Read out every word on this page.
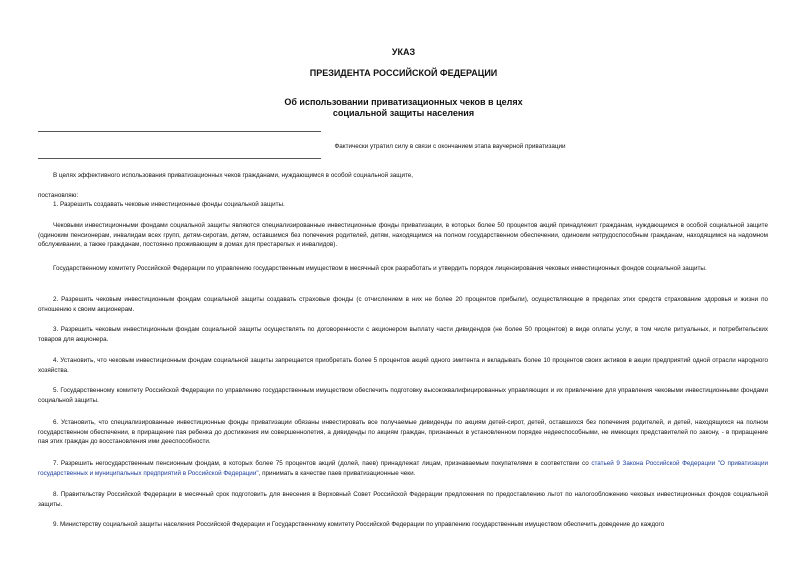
УКАЗ
ПРЕЗИДЕНТА РОССИЙСКОЙ ФЕДЕРАЦИИ
Об использовании приватизационных чеков в целях
социальной защиты населения
Фактически утратил силу в связи с окончанием этапа ваучерной приватизации
В целях эффективного использования приватизационных чеков гражданами, нуждающимся в особой социальной защите,
постановляю:
1. Разрешить создавать чековые инвестиционные фонды социальной защиты.
Чековыми инвестиционными фондами социальной защиты являются специализированные инвестиционные фонды приватизации, в которых более 50 процентов акций принадлежит гражданам, нуждающимся в особой социальной защите (одиноким пенсионерам, инвалидам всех групп, детям-сиротам, детям, оставшимся без попечения родителей, детям, находящимся на полном государственном обеспечении, одиноким нетрудоспособным гражданам, находящимся на надомном обслуживании, а также гражданам, постоянно проживающим в домах для престарелых и инвалидов).
Государственному комитету Российской Федерации по управлению государственным имуществом в месячный срок разработать и утвердить порядок лицензирования чековых инвестиционных фондов социальной защиты.
2. Разрешить чековым инвестиционным фондам социальной защиты создавать страховые фонды (с отчислением в них не более 20 процентов прибыли), осуществляющие в пределах этих средств страхование здоровья и жизни по отношению к своим акционерам.
3. Разрешить чековым инвестиционным фондам социальной защиты осуществлять по договоренности с акционером выплату части дивидендов (не более 50 процентов) в виде оплаты услуг, в том числе ритуальных, и потребительских товаров для акционера.
4. Установить, что чековым инвестиционным фондам социальной защиты запрещается приобретать более 5 процентов акций одного эмитента и вкладывать более 10 процентов своих активов в акции предприятий одной отрасли народного хозяйства.
5. Государственному комитету Российской Федерации по управлению государственным имуществом обеспечить подготовку высококвалифицированных управляющих и их привлечение для управления чековыми инвестиционными фондами социальной защиты.
6. Установить, что специализированные инвестиционные фонды приватизации обязаны инвестировать все получаемые дивиденды по акциям детей-сирот, детей, оставшихся без попечения родителей, и детей, находящихся на полном государственном обеспечении, в приращение пая ребенка до достижения им совершеннолетия, а дивиденды по акциям граждан, признанных в установленном порядке недееспособными, не имеющих представителей по закону, - в приращение пая этих граждан до восстановления ими дееспособности.
7. Разрешить негосударственным пенсионным фондам, в которых более 75 процентов акций (долей, паев) принадлежат лицам, признаваемым покупателями в соответствии со статьей 9 Закона Российской Федерации "О приватизации государственных и муниципальных предприятий в Российской Федерации", принимать в качестве паев приватизационные чеки.
8. Правительству Российской Федерации в месячный срок подготовить для внесения в Верховный Совет Российской Федерации предложения по предоставлению льгот по налогообложению чековых инвестиционных фондов социальной защиты.
9. Министерству социальной защиты населения Российской Федерации и Государственному комитету Российской Федерации по управлению государственным имуществом обеспечить доведение до каждого
